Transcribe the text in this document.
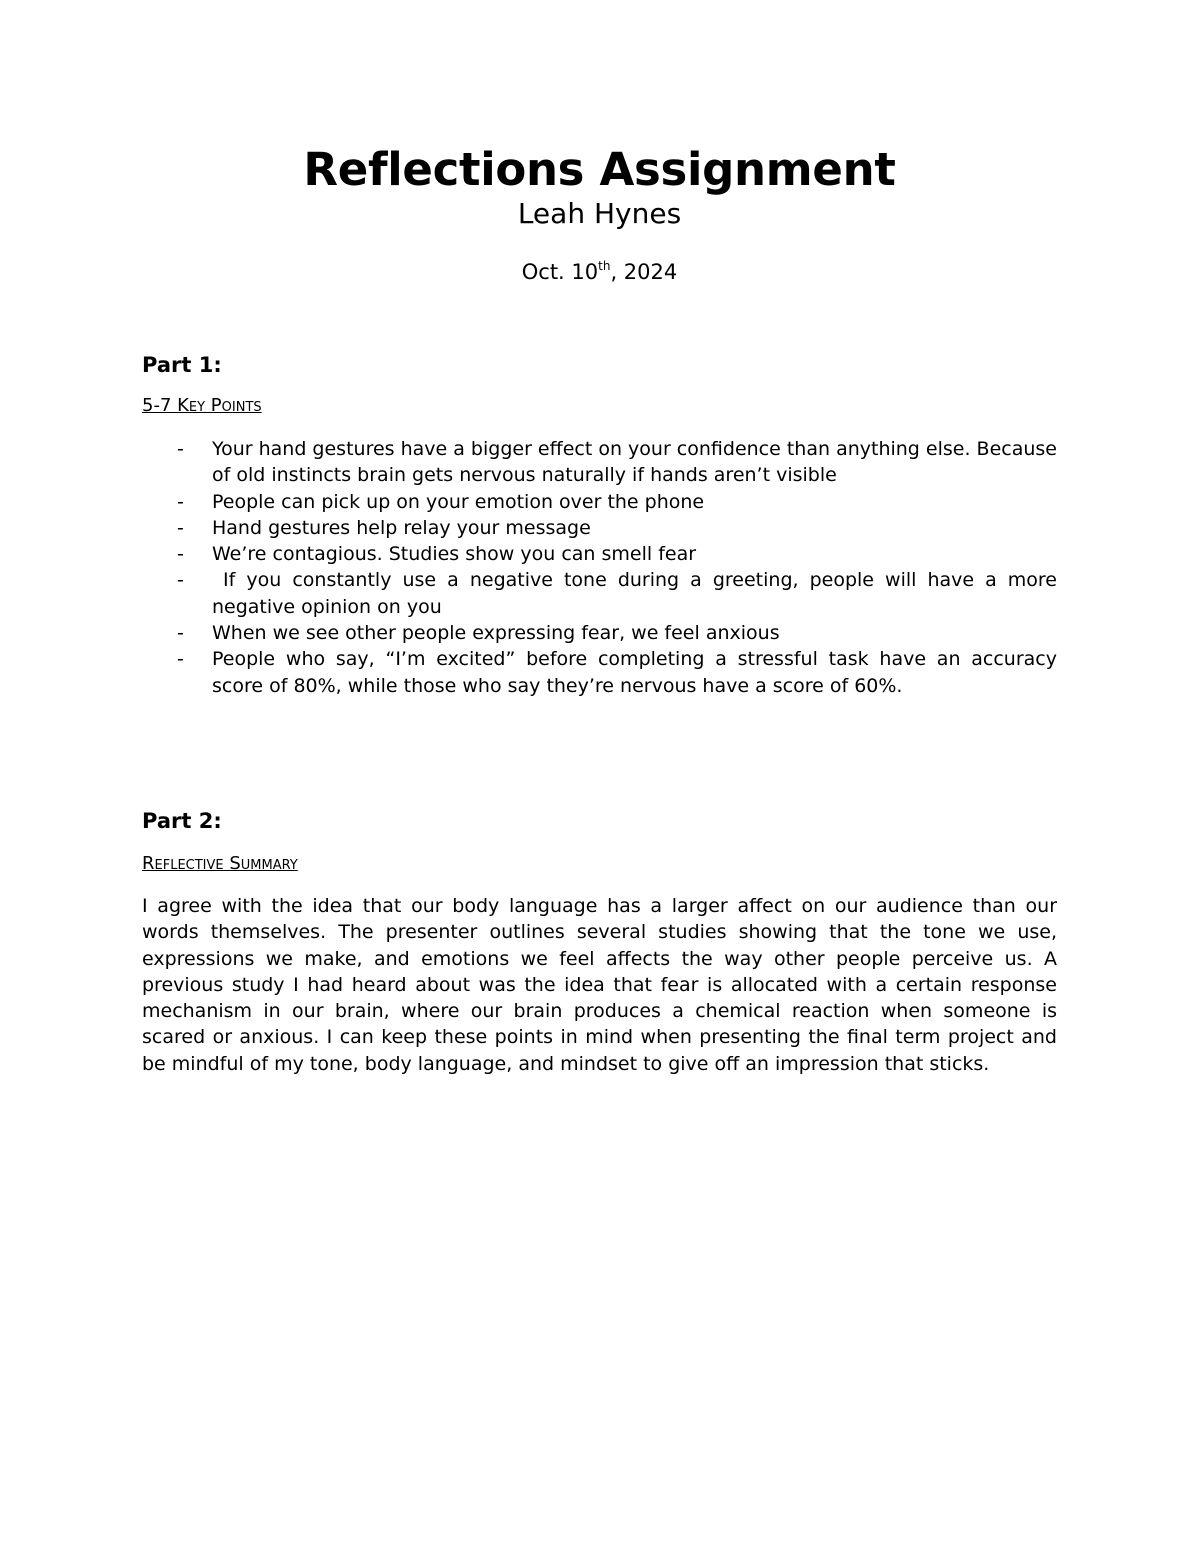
Reflections Assignment
Leah Hynes
Oct. 10th, 2024
Part 1:
5-7 Key Points
- Your hand gestures have a bigger effect on your confidence than anything else. Because of old instincts brain gets nervous naturally if hands aren’t visible
- People can pick up on your emotion over the phone
- Hand gestures help relay your message
- We’re contagious. Studies show you can smell fear
- If you constantly use a negative tone during a greeting, people will have a more negative opinion on you
- When we see other people expressing fear, we feel anxious
- People who say, “I’m excited” before completing a stressful task have an accuracy score of 80%, while those who say they’re nervous have a score of 60%.
Part 2:
Reflective Summary

I agree with the idea that our body language has a larger affect on our audience than our words themselves. The presenter outlines several studies showing that the tone we use, expressions we make, and emotions we feel affects the way other people perceive us. A previous study I had heard about was the idea that fear is allocated with a certain response mechanism in our brain, where our brain produces a chemical reaction when someone is scared or anxious. I can keep these points in mind when presenting the final term project and be mindful of my tone, body language, and mindset to give off an impression that sticks.
